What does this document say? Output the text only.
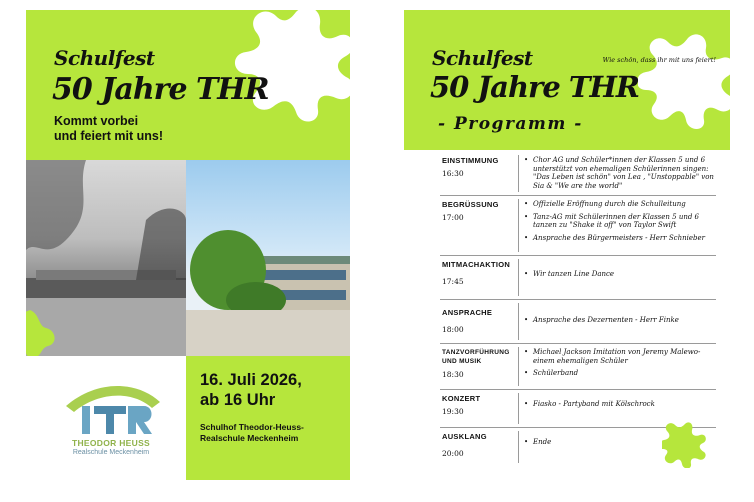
Schulfest
50 Jahre THR
Kommt vorbei
und feiert mit uns!
THEODOR HEUSS
Realschule Meckenheim
16. Juli 2026,
ab 16 Uhr
Schulhof Theodor-Heuss-
Realschule Meckenheim
Schulfest
50 Jahre THR
Wie schön, dass ihr mit uns feiert!
- Programm -
EINSTIMMUNG
16:30
• Chor AG und Schüler*innen der Klassen 5 und 6 unterstützt von ehemaligen Schülerinnen singen: "Das Leben ist schön" von Lea , "Unstoppable" von Sia & "We are the world"
BEGRÜSSUNG
17:00
• Offizielle Eröffnung durch die Schulleitung
• Tanz-AG mit Schülerinnen der Klassen 5 und 6 tanzen zu "Shake it off" von Taylor Swift
• Ansprache des Bürgermeisters - Herr Schnieber
MITMACHAKTION
17:45
• Wir tanzen Line Dance
ANSPRACHE
18:00
• Ansprache des Dezernenten - Herr Finke
TANZVORFÜHRUNG UND MUSIK
18:30
• Michael Jackson Imitation von Jeremy Malewo- einem ehemaligen Schüler
• Schülerband
KONZERT
19:30
• Fiasko - Partyband mit Kölschrock
AUSKLANG
20:00
• Ende
